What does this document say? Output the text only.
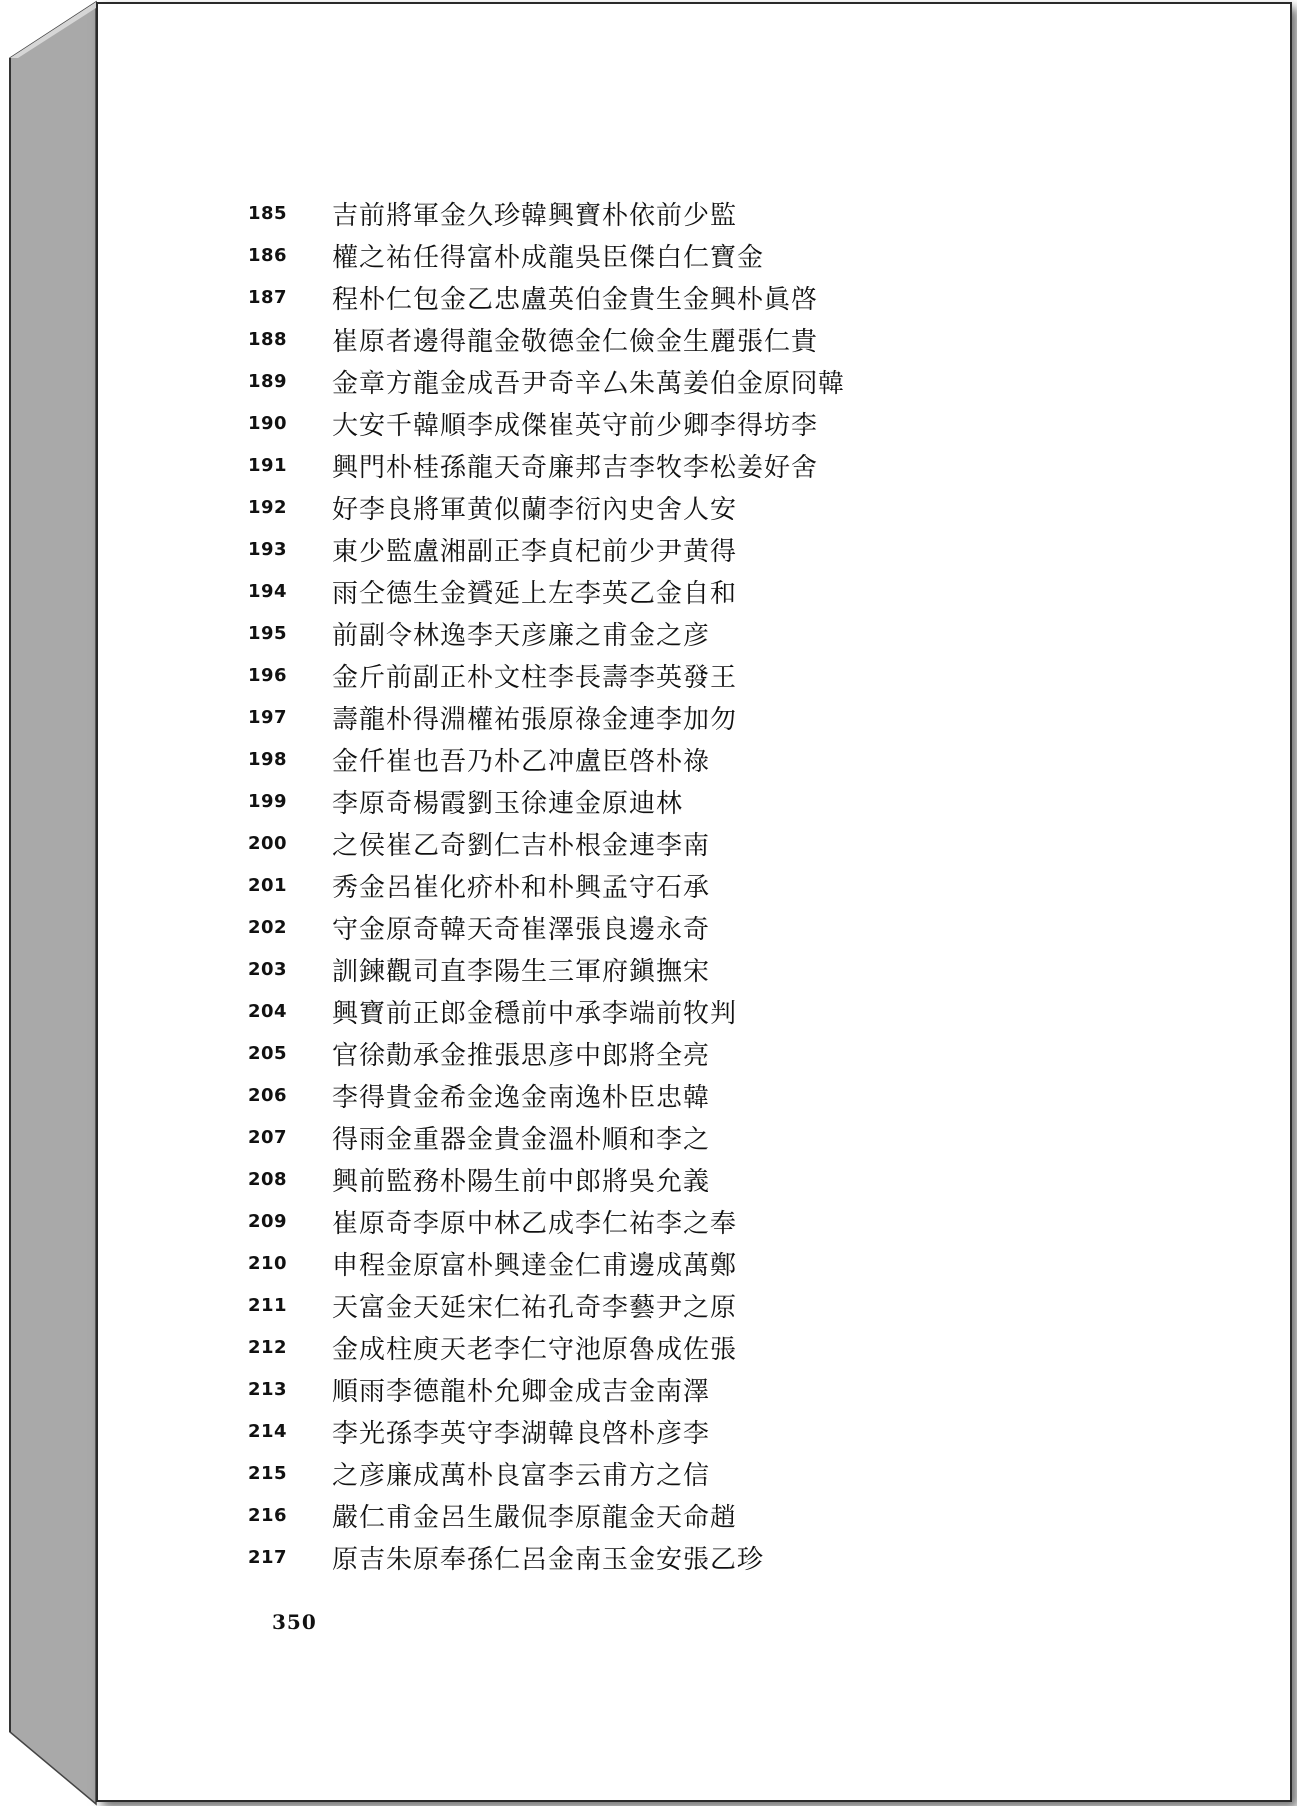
185	吉前將軍金久珍韓興寶朴依前少監
186	權之祐任得富朴成龍吳臣傑白仁寶金
187	程朴仁包金乙忠盧英伯金貴生金興朴眞啓
188	崔原者邊得龍金敬德金仁儉金生麗張仁貴
189	金章方龍金成吾尹奇辛厶朱萬姜伯金原冏韓
190	大安千韓順李成傑崔英守前少卿李得坊李
191	興門朴桂孫龍天奇廉邦吉李牧李松姜好舍
192	好李良將軍黄似蘭李衍內史舍人安
193	東少監盧湘副正李貞杞前少尹黄得
194	雨仝德生金贇延上左李英乙金自和
195	前副令林逸李天彦廉之甫金之彦
196	金斤前副正朴文柱李長壽李英發王
197	壽龍朴得淵權祐張原祿金連李加勿
198	金仟崔也吾乃朴乙冲盧臣啓朴祿
199	李原奇楊霞劉玉徐連金原迪林
200	之侯崔乙奇劉仁吉朴根金連李南
201	秀金呂崔化疥朴和朴興孟守石承
202	守金原奇韓天奇崔澤張良邊永奇
203	訓鍊觀司直李陽生三軍府鎭撫宋
204	興寶前正郎金穩前中承李端前牧判
205	官徐勣承金推張思彦中郎將全亮
206	李得貴金希金逸金南逸朴臣忠韓
207	得雨金重器金貴金溫朴順和李之
208	興前監務朴陽生前中郎將吳允義
209	崔原奇李原中林乙成李仁祐李之奉
210	申程金原富朴興達金仁甫邊成萬鄭
211	天富金天延宋仁祐孔奇李藝尹之原
212	金成柱庾天老李仁守池原魯成佐張
213	順雨李德龍朴允卿金成吉金南澤
214	李光孫李英守李湖韓良啓朴彦李
215	之彦廉成萬朴良富李云甫方之信
216	嚴仁甫金呂生嚴侃李原龍金天命趙
217	原吉朱原奉孫仁呂金南玉金安張乙珍
350
